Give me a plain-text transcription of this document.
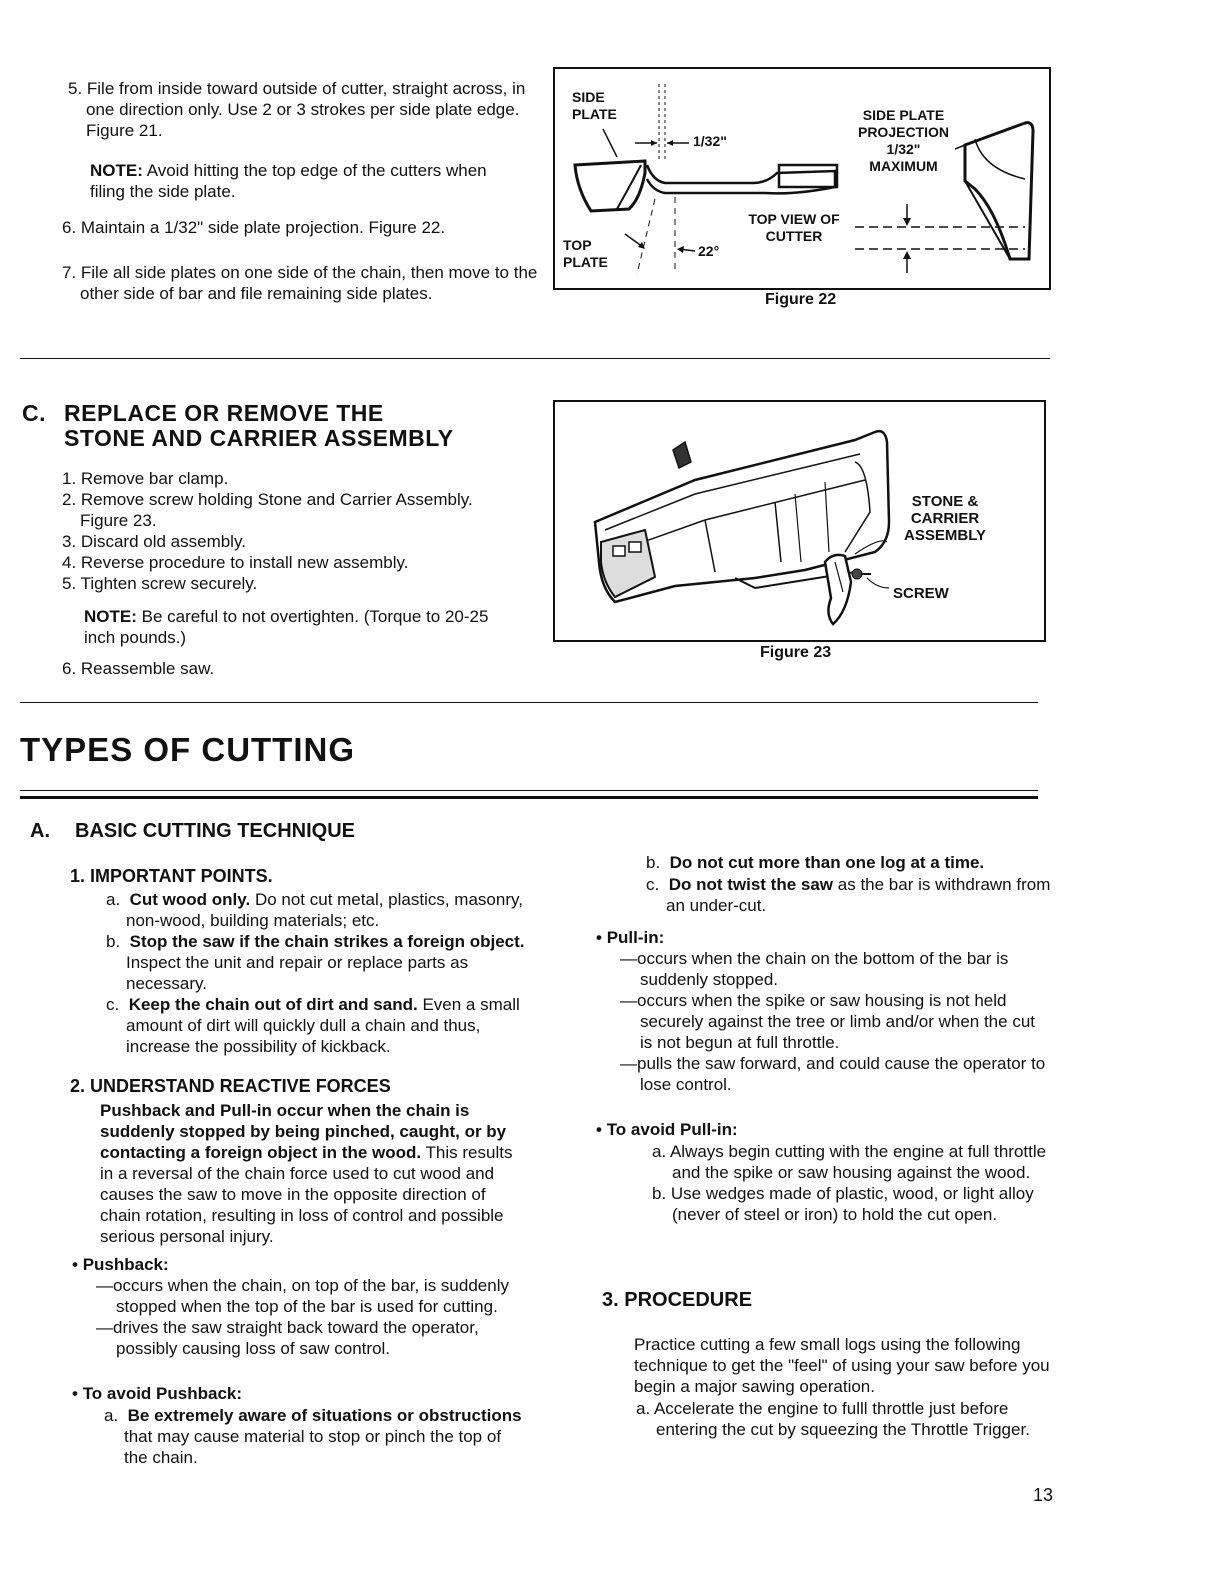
5. File from inside toward outside of cutter, straight across, in one direction only. Use 2 or 3 strokes per side plate edge. Figure 21.
NOTE: Avoid hitting the top edge of the cutters when filing the side plate.
6. Maintain a 1/32" side plate projection. Figure 22.
7. File all side plates on one side of the chain, then move to the other side of bar and file remaining side plates.
SIDE PLATE
1/32"
TOP PLATE
22°
TOP VIEW OF CUTTER
SIDE PLATE PROJECTION
1/32"
MAXIMUM
Figure 22
C. REPLACE OR REMOVE THE
STONE AND CARRIER ASSEMBLY
1. Remove bar clamp.
2. Remove screw holding Stone and Carrier Assembly. Figure 23.
3. Discard old assembly.
4. Reverse procedure to install new assembly.
5. Tighten screw securely.
NOTE: Be careful to not overtighten. (Torque to 20-25 inch pounds.)
6. Reassemble saw.
STONE &
CARRIER
ASSEMBLY
SCREW
Figure 23
TYPES OF CUTTING
A. BASIC CUTTING TECHNIQUE
1. IMPORTANT POINTS.
a. Cut wood only. Do not cut metal, plastics, masonry, non-wood, building materials; etc.
b. Stop the saw if the chain strikes a foreign object. Inspect the unit and repair or replace parts as necessary.
c. Keep the chain out of dirt and sand. Even a small amount of dirt will quickly dull a chain and thus, increase the possibility of kickback.
2. UNDERSTAND REACTIVE FORCES
Pushback and Pull-in occur when the chain is suddenly stopped by being pinched, caught, or by contacting a foreign object in the wood. This results in a reversal of the chain force used to cut wood and causes the saw to move in the opposite direction of chain rotation, resulting in loss of control and possible serious personal injury.
• Pushback:
—occurs when the chain, on top of the bar, is suddenly stopped when the top of the bar is used for cutting.
—drives the saw straight back toward the operator, possibly causing loss of saw control.
• To avoid Pushback:
a. Be extremely aware of situations or obstructions that may cause material to stop or pinch the top of the chain.
b. Do not cut more than one log at a time.
c. Do not twist the saw as the bar is withdrawn from an under-cut.
• Pull-in:
—occurs when the chain on the bottom of the bar is suddenly stopped.
—occurs when the spike or saw housing is not held securely against the tree or limb and/or when the cut is not begun at full throttle.
—pulls the saw forward, and could cause the operator to lose control.
• To avoid Pull-in:
a. Always begin cutting with the engine at full throttle and the spike or saw housing against the wood.
b. Use wedges made of plastic, wood, or light alloy (never of steel or iron) to hold the cut open.
3. PROCEDURE
Practice cutting a few small logs using the following technique to get the "feel" of using your saw before you begin a major sawing operation.
a. Accelerate the engine to fulll throttle just before entering the cut by squeezing the Throttle Trigger.
13
